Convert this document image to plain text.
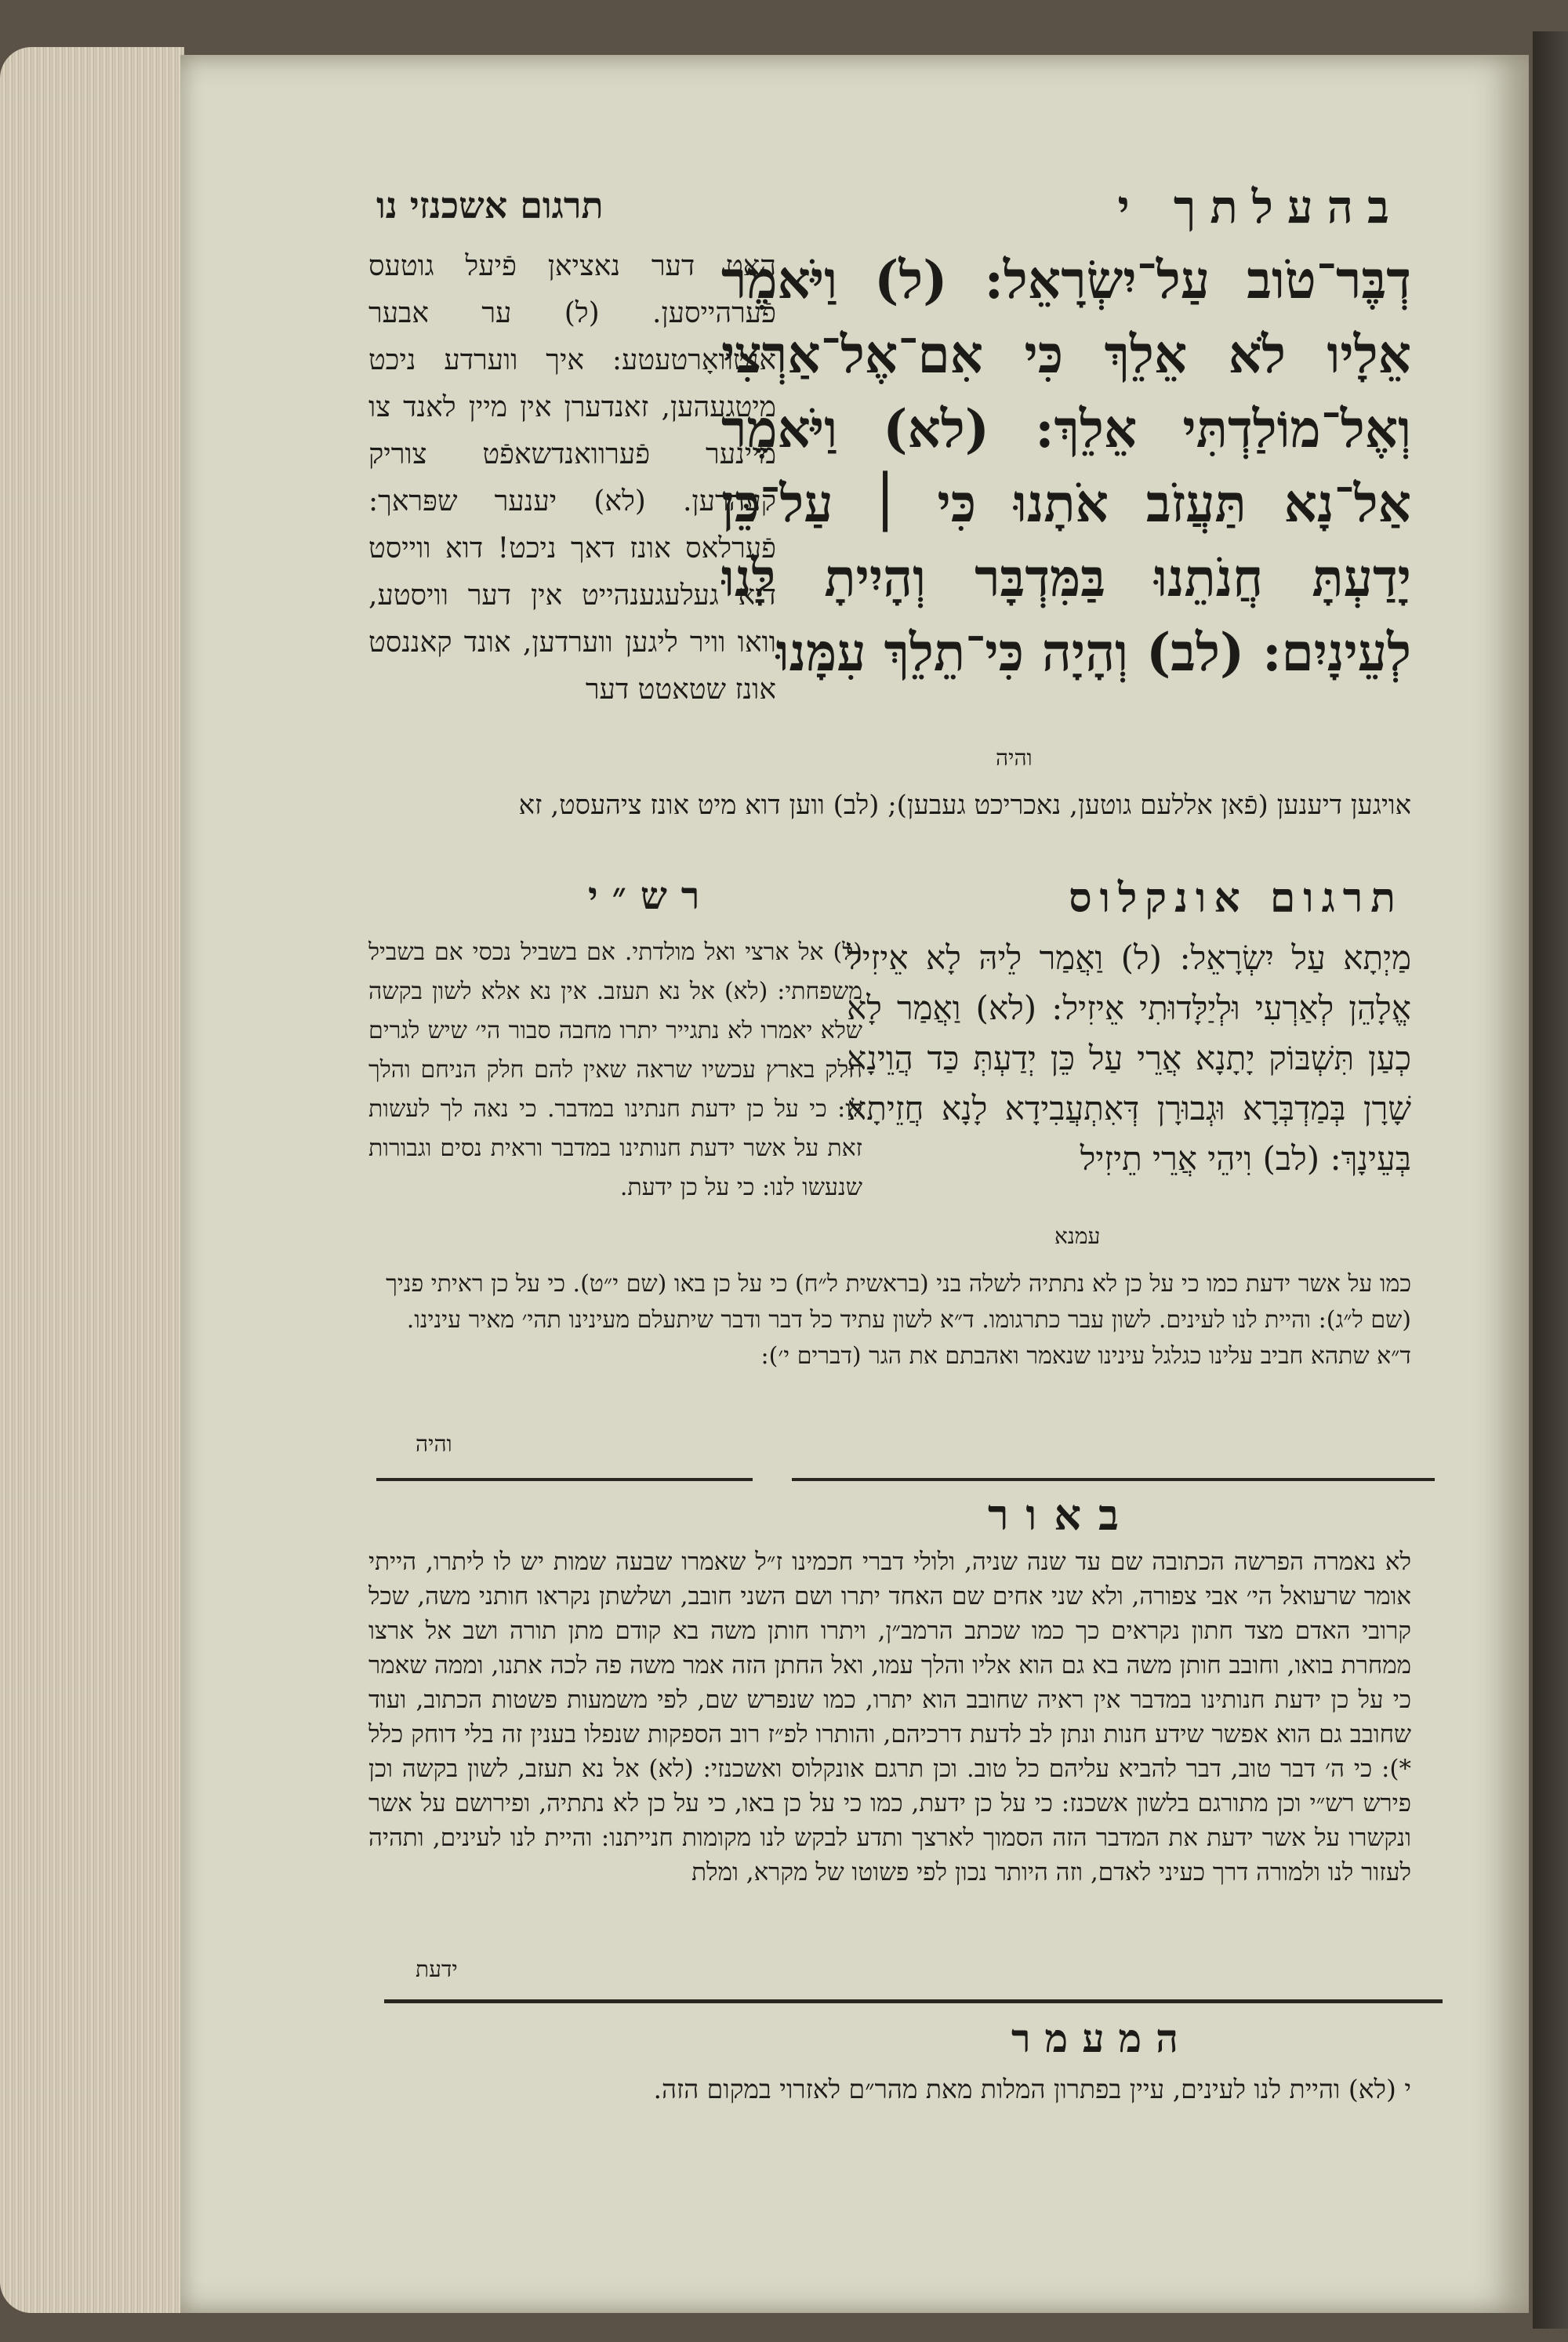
בהעלתך י
תרגום אשכנזי נו
דְבֶּר־טֹוב עַל־יִשְׂרָאֵל: (ל) וַיֹּאמֶר אֵלָיו לֹא אֵלֵךְ כִּי אִם־אֶל־אַרְצִי וְאֶל־מוֹלַדְתִּי אֵלֵךְ: (לא) וַיֹּאמֶר אַל־נָא תַּעֲזֹב אֹתָנוּ כִּי ׀ עַל־כֵּן יָדַעְתָּ חֲנֹתֵנוּ בַּמִּדְבָּר וְהָיִיתָ לָּנוּ לְעֵינָיִם: (לב) וְהָיָה כִּי־תֵלֵךְ עִמָּנוּ
האט דער נאציאן פֿיעל גוטעס פֿערהייסען. (ל) ער אבער אנטוואָרטעטע: איך ווערדע ניכט מיטגעהען, זאנדערן אין מיין לאנד צו מיינער פֿערוואנדשאפֿט צוריק קעהרען. (לא) יענער שפּראך: פֿערלאס אונז דאך ניכט! דוא ווייסט דיא געלעגענהייט אין דער וויסטע, וואו וויר ליגען ווערדען, אונד קאננסט אונז שטאטט דער
והיה
אויגען דיענען (פֿאן אללעם גוטען, נאכריכט געבען); (לב) ווען דוא מיט אונז ציהעסט, זא
תרגום אונקלוס
רש״י
מַיְתָא עַל יִשְׂרָאֵל: (ל) וַאֲמַר לֵיהּ לָא אֵיזִיל אֱלָהֵן לְאַרְעִי וּלְיַלָּדוּתִי אֵיזִיל: (לא) וַאֲמַר לָא כְעַן תִּשְׁבּוֹק יָתָנָא אֲרֵי עַל כֵּן יְדַעְתְּ כַּד הֲוֵינָא שָׁרָן בְּמַדְבְּרָא וּגְבוּרָן דְּאִתְעֲבִידָא לָנָא חֲזֵיתָא בְּעֵינָךְ: (לב) וִיהֵי אֲרֵי תֵיזִיל
עמנא
(ל) אל ארצי ואל מולדתי. אם בשביל נכסי אם בשביל משפחתי: (לא) אל נא תעזב. אין נא אלא לשון בקשה שלא יאמרו לא נתגייר יתרו מחבה סבור הי׳ שיש לגרים חלק בארץ עכשיו שראה שאין להם חלק הניחם והלך לו: כי על כן ידעת חנתינו במדבר. כי נאה לך לעשות זאת על אשר ידעת חנותינו במדבר וראית נסים וגבורות שנעשו לנו: כי על כן ידעת.
כמו על אשר ידעת כמו כי על כן לא נתתיה לשלה בני (בראשית ל״ח) כי על כן באו (שם י״ט). כי על כן ראיתי פניך (שם ל״ג): והיית לנו לעינים. לשון עבר כתרגומו. ד״א לשון עתיד כל דבר ודבר שיתעלם מעינינו תהי׳ מאיר עינינו. ד״א שתהא חביב עלינו כגלגל עינינו שנאמר ואהבתם את הגר (דברים י׳):
והיה
באור
לא נאמרה הפרשה הכתובה שם עד שנה שניה, ולולי דברי חכמינו ז״ל שאמרו שבעה שמות יש לו ליתרו, הייתי אומר שרעואל הי׳ אבי צפורה, ולא שני אחים שם האחד יתרו ושם השני חובב, ושלשתן נקראו חותני משה, שכל קרובי האדם מצד חתון נקראים כך כמו שכתב הרמב״ן, ויתרו חותן משה בא קודם מתן תורה ושב אל ארצו ממחרת בואו, וחובב חותן משה בא גם הוא אליו והלך עמו, ואל החתן הזה אמר משה פה לכה אתנו, וממה שאמר כי על כן ידעת חנותינו במדבר אין ראיה שחובב הוא יתרו, כמו שנפרש שם, לפי משמעות פשטות הכתוב, ועוד שחובב גם הוא אפשר שידע חנות ונתן לב לדעת דרכיהם, והותרו לפ״ז רוב הספקות שנפלו בענין זה בלי דוחק כלל *): כי ה׳ דבר טוב, דבר להביא עליהם כל טוב. וכן תרגם אונקלוס ואשכנזי: (לא) אל נא תעזב, לשון בקשה וכן פירש רש״י וכן מתורגם בלשון אשכנז: כי על כן ידעת, כמו כי על כן באו, כי על כן לא נתתיה, ופירושם על אשר ונקשרו על אשר ידעת את המדבר הזה הסמוך לארצך ותדע לבקש לנו מקומות חנייתנו: והיית לנו לעינים, ותהיה לעזור לנו ולמורה דרך כעיני לאדם, וזה היותר נכון לפי פשוטו של מקרא, ומלת
ידעת
המעמר
י (לא) והיית לנו לעינים, עיין בפתרון המלות מאת מהר״ם לאזרוי במקום הזה.
